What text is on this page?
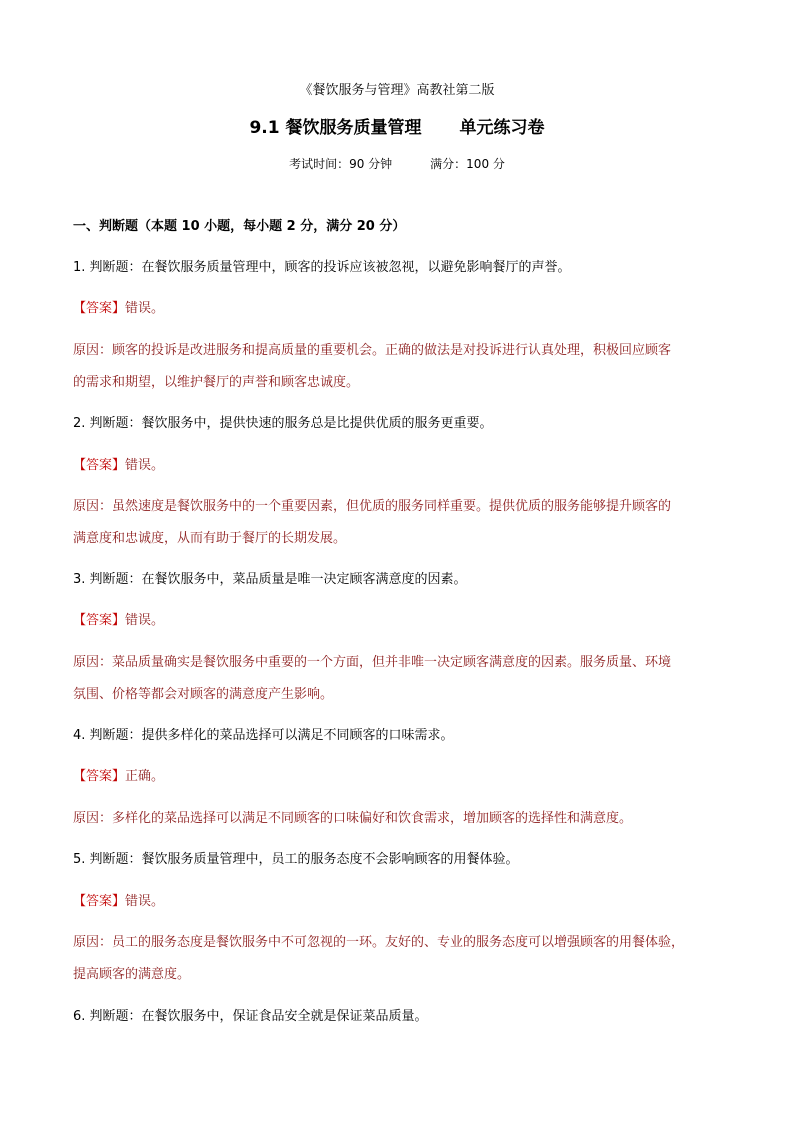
《餐饮服务与管理》高教社第二版
9.1 餐饮服务质量管理 单元练习卷
考试时间：90 分钟	满分：100 分
一、判断题（本题 10 小题，每小题 2 分，满分 20 分）
1. 判断题：在餐饮服务质量管理中，顾客的投诉应该被忽视，以避免影响餐厅的声誉。
【答案】错误。
原因：顾客的投诉是改进服务和提高质量的重要机会。正确的做法是对投诉进行认真处理，积极回应顾客
的需求和期望，以维护餐厅的声誉和顾客忠诚度。
2. 判断题：餐饮服务中，提供快速的服务总是比提供优质的服务更重要。
【答案】错误。
原因：虽然速度是餐饮服务中的一个重要因素，但优质的服务同样重要。提供优质的服务能够提升顾客的
满意度和忠诚度，从而有助于餐厅的长期发展。
3. 判断题：在餐饮服务中，菜品质量是唯一决定顾客满意度的因素。
【答案】错误。
原因：菜品质量确实是餐饮服务中重要的一个方面，但并非唯一决定顾客满意度的因素。服务质量、环境
氛围、价格等都会对顾客的满意度产生影响。
4. 判断题：提供多样化的菜品选择可以满足不同顾客的口味需求。
【答案】正确。
原因：多样化的菜品选择可以满足不同顾客的口味偏好和饮食需求，增加顾客的选择性和满意度。
5. 判断题：餐饮服务质量管理中，员工的服务态度不会影响顾客的用餐体验。
【答案】错误。
原因：员工的服务态度是餐饮服务中不可忽视的一环。友好的、专业的服务态度可以增强顾客的用餐体验，
提高顾客的满意度。
6. 判断题：在餐饮服务中，保证食品安全就是保证菜品质量。
